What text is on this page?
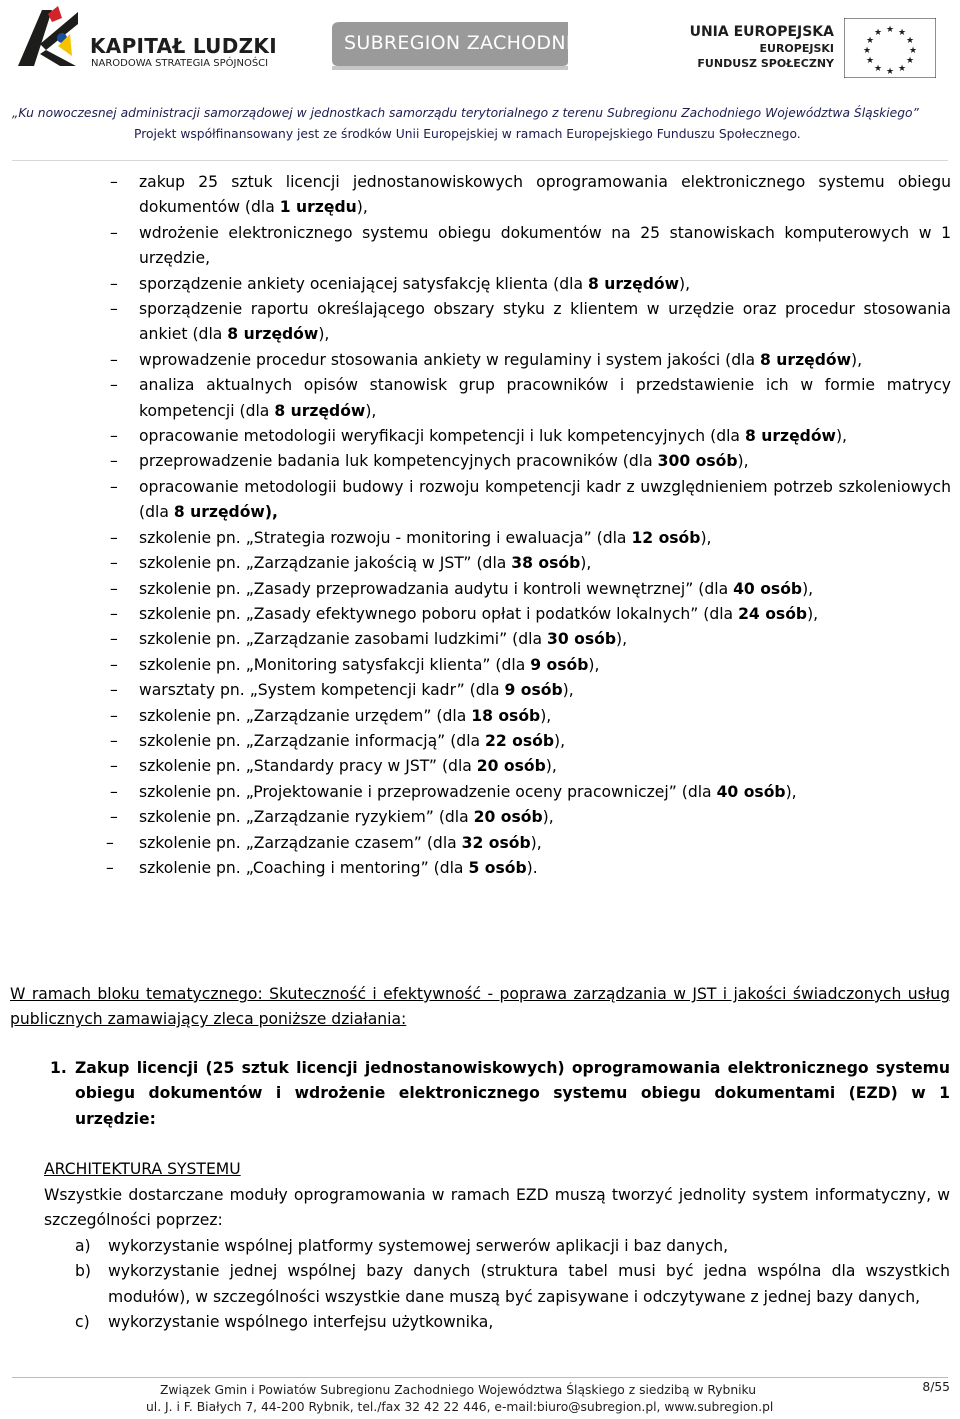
KAPITAŁ LUDZKI
NARODOWA STRATEGIA SPÓJNOŚCI
SUBREGION ZACHODNI	UNIA EUROPEJSKA
EUROPEJSKI
FUNDUSZ SPOŁECZNY
★ ★
★
★
★
★
★
★
★
★
★
★
„Ku nowoczesnej administracji samorządowej w jednostkach samorządu terytorialnego z terenu Subregionu Zachodniego Województwa Śląskiego”
Projekt współfinansowany jest ze środków Unii Europejskiej w ramach Europejskiego Funduszu Społecznego.
– zakup 25 sztuk licencji jednostanowiskowych oprogramowania elektronicznego systemu obiegu dokumentów (dla 1 urzędu),
– wdrożenie elektronicznego systemu obiegu dokumentów na 25 stanowiskach komputerowych w 1 urzędzie,
– sporządzenie ankiety oceniającej satysfakcję klienta (dla 8 urzędów),
– sporządzenie raportu określającego obszary styku z klientem w urzędzie oraz procedur stosowania ankiet (dla 8 urzędów),
– wprowadzenie procedur stosowania ankiety w regulaminy i system jakości (dla 8 urzędów),
– analiza aktualnych opisów stanowisk grup pracowników i przedstawienie ich w formie matrycy kompetencji (dla 8 urzędów),
– opracowanie metodologii weryfikacji kompetencji i luk kompetencyjnych (dla 8 urzędów),
– przeprowadzenie badania luk kompetencyjnych pracowników (dla 300 osób),
– opracowanie metodologii budowy i rozwoju kompetencji kadr z uwzględnieniem potrzeb szkoleniowych (dla 8 urzędów),
– szkolenie pn. „Strategia rozwoju - monitoring i ewaluacja” (dla 12 osób),
– szkolenie pn. „Zarządzanie jakością w JST” (dla 38 osób),
– szkolenie pn. „Zasady przeprowadzania audytu i kontroli wewnętrznej” (dla 40 osób),
– szkolenie pn. „Zasady efektywnego poboru opłat i podatków lokalnych” (dla 24 osób),
– szkolenie pn. „Zarządzanie zasobami ludzkimi” (dla 30 osób),
– szkolenie pn. „Monitoring satysfakcji klienta” (dla 9 osób),
– warsztaty pn. „System kompetencji kadr” (dla 9 osób),
– szkolenie pn. „Zarządzanie urzędem” (dla 18 osób),
– szkolenie pn. „Zarządzanie informacją” (dla 22 osób),
– szkolenie pn. „Standardy pracy w JST” (dla 20 osób),
– szkolenie pn. „Projektowanie i przeprowadzenie oceny pracowniczej” (dla 40 osób),
– szkolenie pn. „Zarządzanie ryzykiem” (dla 20 osób),
– szkolenie pn. „Zarządzanie czasem” (dla 32 osób),
– szkolenie pn. „Coaching i mentoring” (dla 5 osób).
W ramach bloku tematycznego: Skuteczność i efektywność - poprawa zarządzania w JST i jakości świadczonych usług publicznych zamawiający zleca poniższe działania:
1. Zakup licencji (25 sztuk licencji jednostanowiskowych) oprogramowania elektronicznego systemu obiegu dokumentów i wdrożenie elektronicznego systemu obiegu dokumentami (EZD) w 1 urzędzie:
ARCHITEKTURA SYSTEMU
Wszystkie dostarczane moduły oprogramowania w ramach EZD muszą tworzyć jednolity system informatyczny, w szczególności poprzez:
a) wykorzystanie wspólnej platformy systemowej serwerów aplikacji i baz danych,
b) wykorzystanie jednej wspólnej bazy danych (struktura tabel musi być jedna wspólna dla wszystkich modułów), w szczególności wszystkie dane muszą być zapisywane i odczytywane z jednej bazy danych,
c) wykorzystanie wspólnego interfejsu użytkownika,
Związek Gmin i Powiatów Subregionu Zachodniego Województwa Śląskiego z siedzibą w Rybniku
ul. J. i F. Białych 7, 44-200 Rybnik, tel./fax 32 42 22 446, e-mail:biuro@subregion.pl, www.subregion.pl
8/55
